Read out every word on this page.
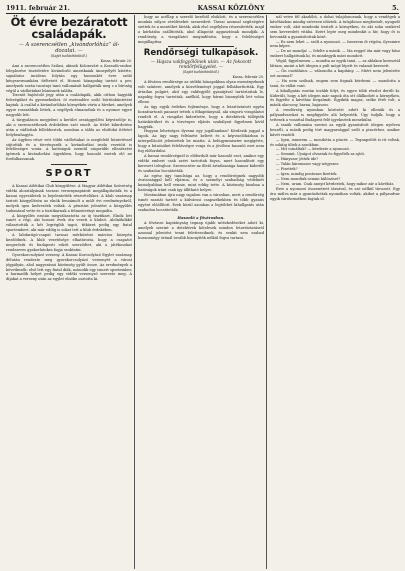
1911. február 21.	KASSAI KÖZLÖNY	5.
Öt évre bezáratott családapák.
— A szerencsétlen „kivándorlóház” ál-dozatai. —
(Saját tudósítónktól.)
Kassa, február 20.

Ami a szerencsétlen Szilasi, akinek Kolozsvárt a Kossuth-szobor leleplezése tiszteletére kivándorló amerikaiak ünnepélyét kísérte, sajnálatos incidens folytán egy huszonkét évre szóló kényszermunkára ítéltetett el. Hosszú hónapokig tartott a per, amelynek során tucatnyi tanú vallomását hallgatták meg s a bíróság végül a vádlottakat bűnösnek találta.

Tizenöt hajóstoló jegy után a családapák, akik otthon hagyták feleségüket és gyermekeiket, öt esztendőre szóló börtönbüntetést kaptak. A család a kivándorlóház környékén várta a híreket, amelyek egyre rosszabbak lettek, a segélyek elmaradtak és a nyomor egyre nagyobb lett.

A tárgyaláson megjelent a kerület országgyűlési képviselője is, aki a szerencsétlenek érdekében szót emelt. Az ítélet kihirdetése után a vádlottak fellebbeztek, azonban a tábla az elsőfokú ítéletet helybenhagyta.

Az ügyben részt vett többi vádlottakat is megfelelő büntetéssel sújtották és a törvényszék a kivándorlási iroda vezetőit is felelősségre vonta. A hatóságok ezentúl szigorúbb ellenőrzést ígérnek a kivándorlási ügyekben, hogy hasonló esetek elő ne fordulhassanak.

SPORT

A Kassai Atlétikai Club közgyűlése. A Magyar Atlétikai Szövetség vidéki alosztályának tavaszi versenynaptárát megállapították és a kassai egyesületek is bejelentették részvételüket. A klub vasárnap tartott közgyűlésén az elnök beszámolt a múlt évi eredményekről, melyek igen kedvezőek voltak. A pénztári jelentést a közgyűlés tudomásul vette és a tisztikarnak a felmentvényt megadta.

A közgyűlés ezután megválasztotta az új tisztikart. Elnök lett ismét a régi, aki hosszú évek óta vezeti a klubot. Alelnökökké választották a két legrégibb tagot, titkárrá pedig egy fiatal sportembert, aki már eddig is sokat tett a klub érdekében.

A labdarúgó-csapat tavaszi mérkőzései március közepén kezdődnek. A klub vezetősége elhatározta, hogy a csapatot megerősíti és budapesti edzőt szerződtet, aki a játékosokat rendszeres gyakorlatokra fogja szoktatni.

Gyorskorcsolyázó verseny. A Kassai Korcsolyázó Egylet vasárnap délután rendezte meg gyorskorcsolyázó versenyét a városi jégpályán, ahol nagyszámú közönség gyűlt össze. Az eredmények a következők: első lett egy fiatal diák, második egy ismert sportember, a harmadik helyet pedig egy vidéki versenyző szerezte meg. A díjakat a verseny után az egylet elnöke osztotta ki.

hogy az acéllap a szerelő kezéből elsiklott, és a szerencsétlen munkás súlyos sérüléseket szenvedett. Társai azonnal segítségére siettek és a mentőket hívták, akik első segélyben részesítették, majd a kórházba szállították, ahol állapotát aggasztónak mondják. A rendőrség a vizsgálatot megindította, hogy a felelősséget megállapítsa.

Rendőrségi tulkapások.
— Hajsza vakfegyőlőinek után. — Az fokozott rendőrfelügyelet. —
(Saját tudósítónktól.)
Kassa, február 20.

A főváros rendőrsége az utóbbi hónapokban olyan eseményeknek volt színtere, amelyek a közvéleményt joggal felháborították. Egy ártatlan polgárt, akit egy vakfegyőlő gyanújával tartóztattak le, napokig fogva tartottak, anélkül, hogy bármi bizonyíték lett volna ellene.

Az ügy egyik érdekes fejleménye, hogy a letartóztatott egyén hozzátartozói panaszt tettek a főkapitánynál, aki szigorú vizsgálatot rendelt el. A vizsgálat kiderítette, hogy a detektívek túllépték hatáskörüket és a törvényes eljárás szabályait figyelmen kívül hagyták.

Hogyan lehetséges ilyesmi egy jogállamban? Kérdezik joggal a lapok. Az ügy nagy feltűnést keltett és a képviselőházban is interpellációt jelentettek be miatta. A belügyminiszter megígérte, hogy a bűnösöket felelősségre vonja és a jövőben hasonló eset nem fog előfordulni.

A kassai rendőrségnél is előfordult már hasonló eset, amikor egy vidéki embert csak azért tartottak fogva, mert hasonlított egy keresett tolvajhoz. Szerencsére az illető ártatlansága hamar kiderült és szabadon bocsátották.

Az egész ügy tanulsága az, hogy a rendőrségnek nagyobb óvatossággal kell eljárnia, és a személyi szabadság védelmét komolyabban kell vennie, mint eddig tette. A közönség bizalma a hatóságok iránt csak így állítható helyre.

Mostanában újra nagy izgalom van a városban, mert a rendőrség ismét razziát tartott a külvárosi csapszékekben és több gyanús egyént előállított. Ezek közül azonban a legtöbbet kihallgatás után szabadon bocsátották.

Hasonló a fővárosban.

A fővárosi kapitányság tegnap újabb intézkedéseket adott ki, amelyek szerint a detektívek kötelesek minden letartóztatásról azonnal jelentést tenni feletteseiknek, és senkit sem szabad huszonnégy óránál tovább bizonyíték nélkül fogva tartani.

nál vetve fél akadóbó, a dohai tulajdonosnak, hogy a vendégek a kávéházban mindig szívesen időztek. A tulajdonos megfontolt, nyugodt ember volt, akit mindenki tisztelt a környéken, és aki soha senkivel sem keveredett vitába. Ezért lepte meg mindenkit a hír, hogy őt is bevonták a gyanúsítottak közé.

— Ez nem lehet — szólt a nyomozó. — Ismerem őt régóta, ilyesmire nem képes.

— De ne mondja! — felelte a másik. — Ma reggel óta már vagy húsz embert hallgattunk ki, és mindegyik mást mondott.

Végül, figyelmesen — mondta az egyik tanú, — az ablakon keresztül láttam, amint a két idegen a pult mögé lépett és valamit keresett.

— Ön csodálatos — válaszolta a kapitány. — Miért nem jelentette ezt azonnal?

— Ha nem szólnak, engem sem fognak kérdezni — mondotta a tanú, és vállat vont.

A kihallgatás ezután tovább folyt, és egyre több részlet derült ki. Kiderült, hogy a két idegen már napok óta ott ólálkodott a környéken, és figyelte a kávéház forgalmát. Egyikük magas, szőke férfi volt, a másik alacsony, barna, bajuszos.

A rendőrség nyomban körözést adott ki ellenük és a pályaudvarokat is megfigyelés alá helyezték. Úgy tudják, hogy a tettesek a vonattal Budapest felé igyekeztek menekülni.

A tanúk vallomása szerint az egyik gyanúsított idegen nyelven beszélt, a másik pedig tört magyarsággal szólt a pincérhez, amikor kávét rendelt.

— Igen, ismerem — mondotta a pincér. — Tegnapelőtt is itt voltak, és sokáig ültek a sarokban.

— Mit csináltak? — kérdezte a nyomozó.

— Semmit. Újságot olvastak és figyelték az ajtót.

— Hányszor jöttek ide?

— Talán háromszor vagy négyszer.

— Fizettek?

— Igen, mindig pontosan fizettek.

— Nem mondtak semmi különöset?

— Nem, uram. Csak annyit kérdeztek, hogy mikor zár a kávéház.

Erre a nyomozó összenézett társával, és szó nélkül távozott. Egy óra múlva már a gyanúsítottak nyomában voltak, akiket a pályaudvar egyik várótermében fogtak el.
